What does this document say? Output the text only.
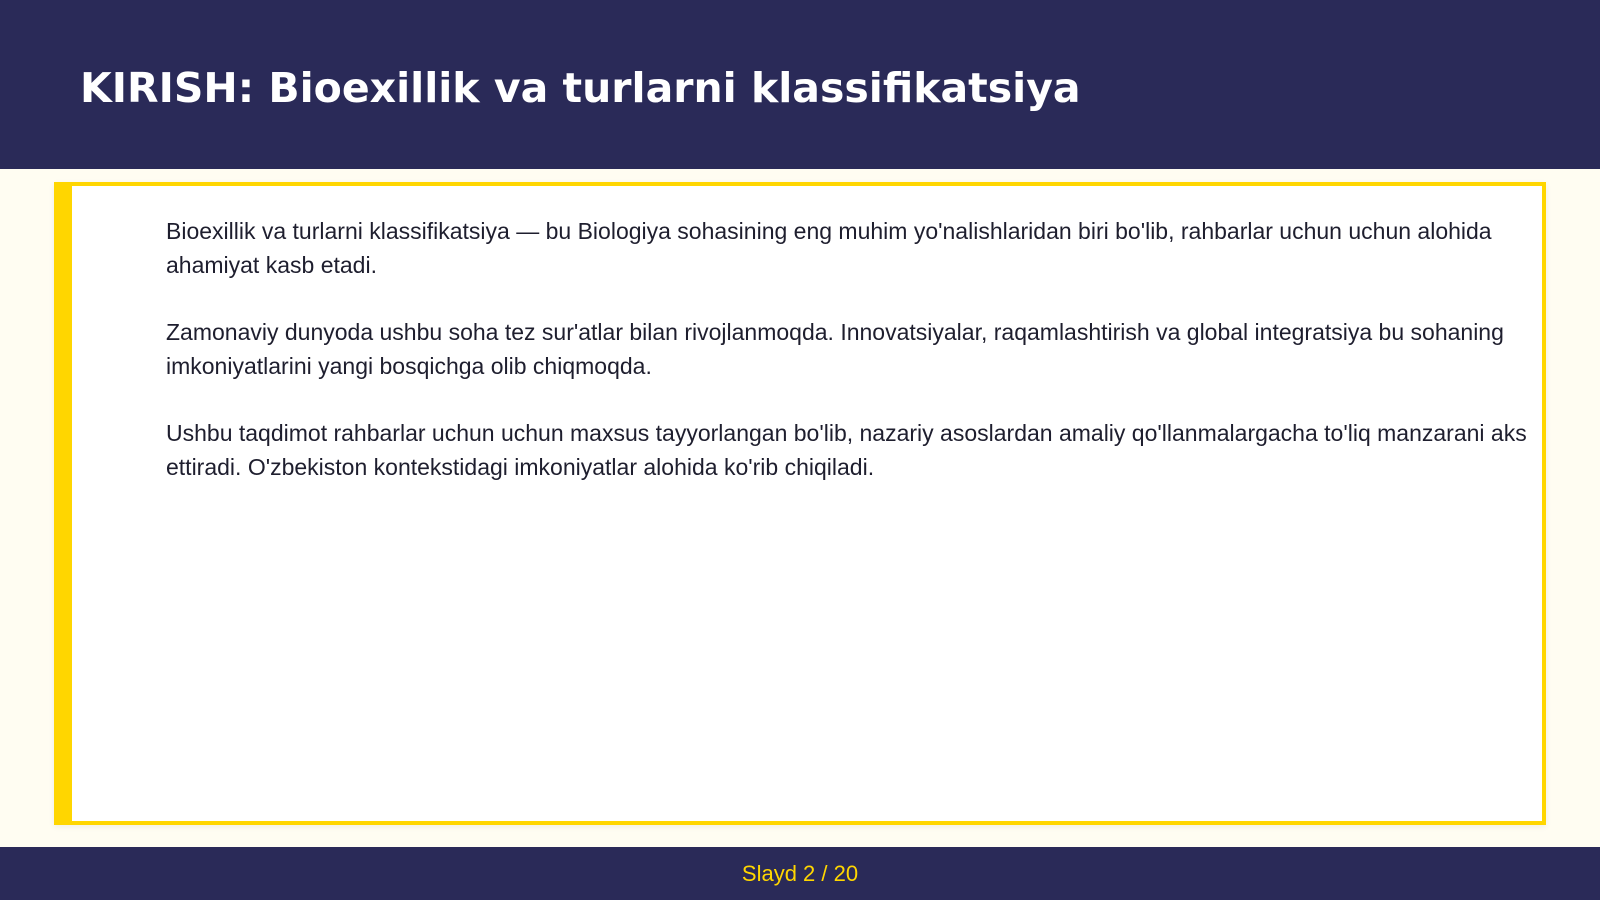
KIRISH: Bioexillik va turlarni klassifikatsiya

Bioexillik va turlarni klassifikatsiya — bu Biologiya sohasining eng muhim yo'nalishlaridan biri bo'lib, rahbarlar uchun uchun alohida ahamiyat kasb etadi.

Zamonaviy dunyoda ushbu soha tez sur'atlar bilan rivojlanmoqda. Innovatsiyalar, raqamlashtirish va global integratsiya bu sohaning imkoniyatlarini yangi bosqichga olib chiqmoqda.

Ushbu taqdimot rahbarlar uchun uchun maxsus tayyorlangan bo'lib, nazariy asoslardan amaliy qo'llanmalargacha to'liq manzarani aks ettiradi. O'zbekiston kontekstidagi imkoniyatlar alohida ko'rib chiqiladi.

Slayd 2 / 20
